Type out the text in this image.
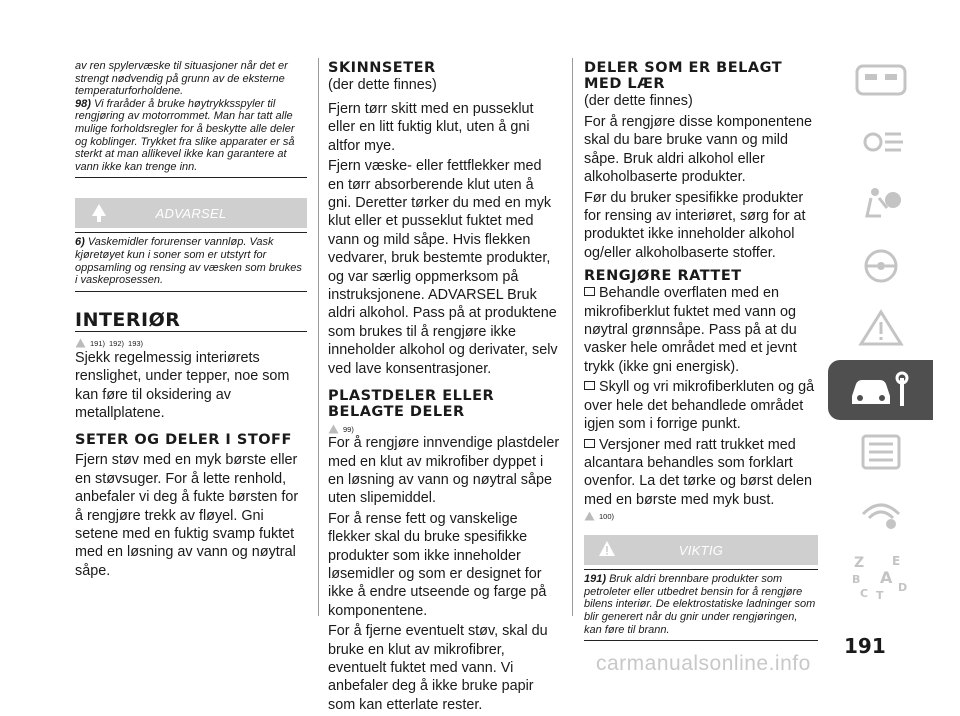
av ren spylervæske til situasjoner når det er strengt nødvendig på grunn av de eksterne temperaturforholdene.
98) Vi fraråder å bruke høytrykksspyler til rengjøring av motorrommet. Man har tatt alle mulige forholdsregler for å beskytte alle deler og koblinger. Trykket fra slike apparater er så sterkt at man allikevel ikke kan garantere at vann ikke kan trenge inn.
ADVARSEL
6) Vaskemidler forurenser vannløp. Vask kjøretøyet kun i soner som er utstyrt for oppsamling og rensing av væsken som brukes i vaskeprosessen.
INTERIØR
191) 192) 193)
Sjekk regelmessig interiørets renslighet, under tepper, noe som kan føre til oksidering av metallplatene.
SETER OG DELER I STOFF
Fjern støv med en myk børste eller en støvsuger. For å lette renhold, anbefaler vi deg å fukte børsten for å rengjøre trekk av fløyel. Gni setene med en fuktig svamp fuktet med en løsning av vann og nøytral såpe.
SKINNSETER
(der dette finnes)

Fjern tørr skitt med en pusseklut eller en litt fuktig klut, uten å gni altfor mye.

Fjern væske- eller fettflekker med en tørr absorberende klut uten å gni. Deretter tørker du med en myk klut eller et pusseklut fuktet med vann og mild såpe. Hvis flekken vedvarer, bruk bestemte produkter, og var særlig oppmerksom på instruksjonene. ADVARSEL Bruk aldri alkohol. Pass på at produktene som brukes til å rengjøre ikke inneholder alkohol og derivater, selv ved lave konsentrasjoner.

PLASTDELER ELLER BELAGTE DELER
99)

For å rengjøre innvendige plastdeler med en klut av mikrofiber dyppet i en løsning av vann og nøytral såpe uten slipemiddel.

For å rense fett og vanskelige flekker skal du bruke spesifikke produkter som ikke inneholder løsemidler og som er designet for ikke å endre utseende og farge på komponentene.

For å fjerne eventuelt støv, skal du bruke en klut av mikrofibrer, eventuelt fuktet med vann. Vi anbefaler deg å ikke bruke papir som kan etterlate rester.

DELER SOM ER BELAGT MED LÆR
(der dette finnes)

For å rengjøre disse komponentene skal du bare bruke vann og mild såpe. Bruk aldri alkohol eller alkoholbaserte produkter.

Før du bruker spesifikke produkter for rensing av interiøret, sørg for at produktet ikke inneholder alkohol og/eller alkoholbaserte stoffer.

RENGJØRE RATTET

Behandle overflaten med en mikrofiberklut fuktet med vann og nøytral grønnsåpe. Pass på at du vasker hele området med et jevnt trykk (ikke gni energisk).

Skyll og vri mikrofiberkluten og gå over hele det behandlede området igjen som i forrige punkt.

Versjoner med ratt trukket med alcantara behandles som forklart ovenfor. La det tørke og børst delen med en børste med myk bust.

100)
VIKTIG
191) Bruk aldri brennbare produkter som petroleter eller utbedret bensin for å rengjøre bilens interiør. De elektrostatiske ladninger som blir generert når du gnir under rengjøringen, kan føre til brann.
Z E
B A
C T
D
191
carmanualsonline.info
